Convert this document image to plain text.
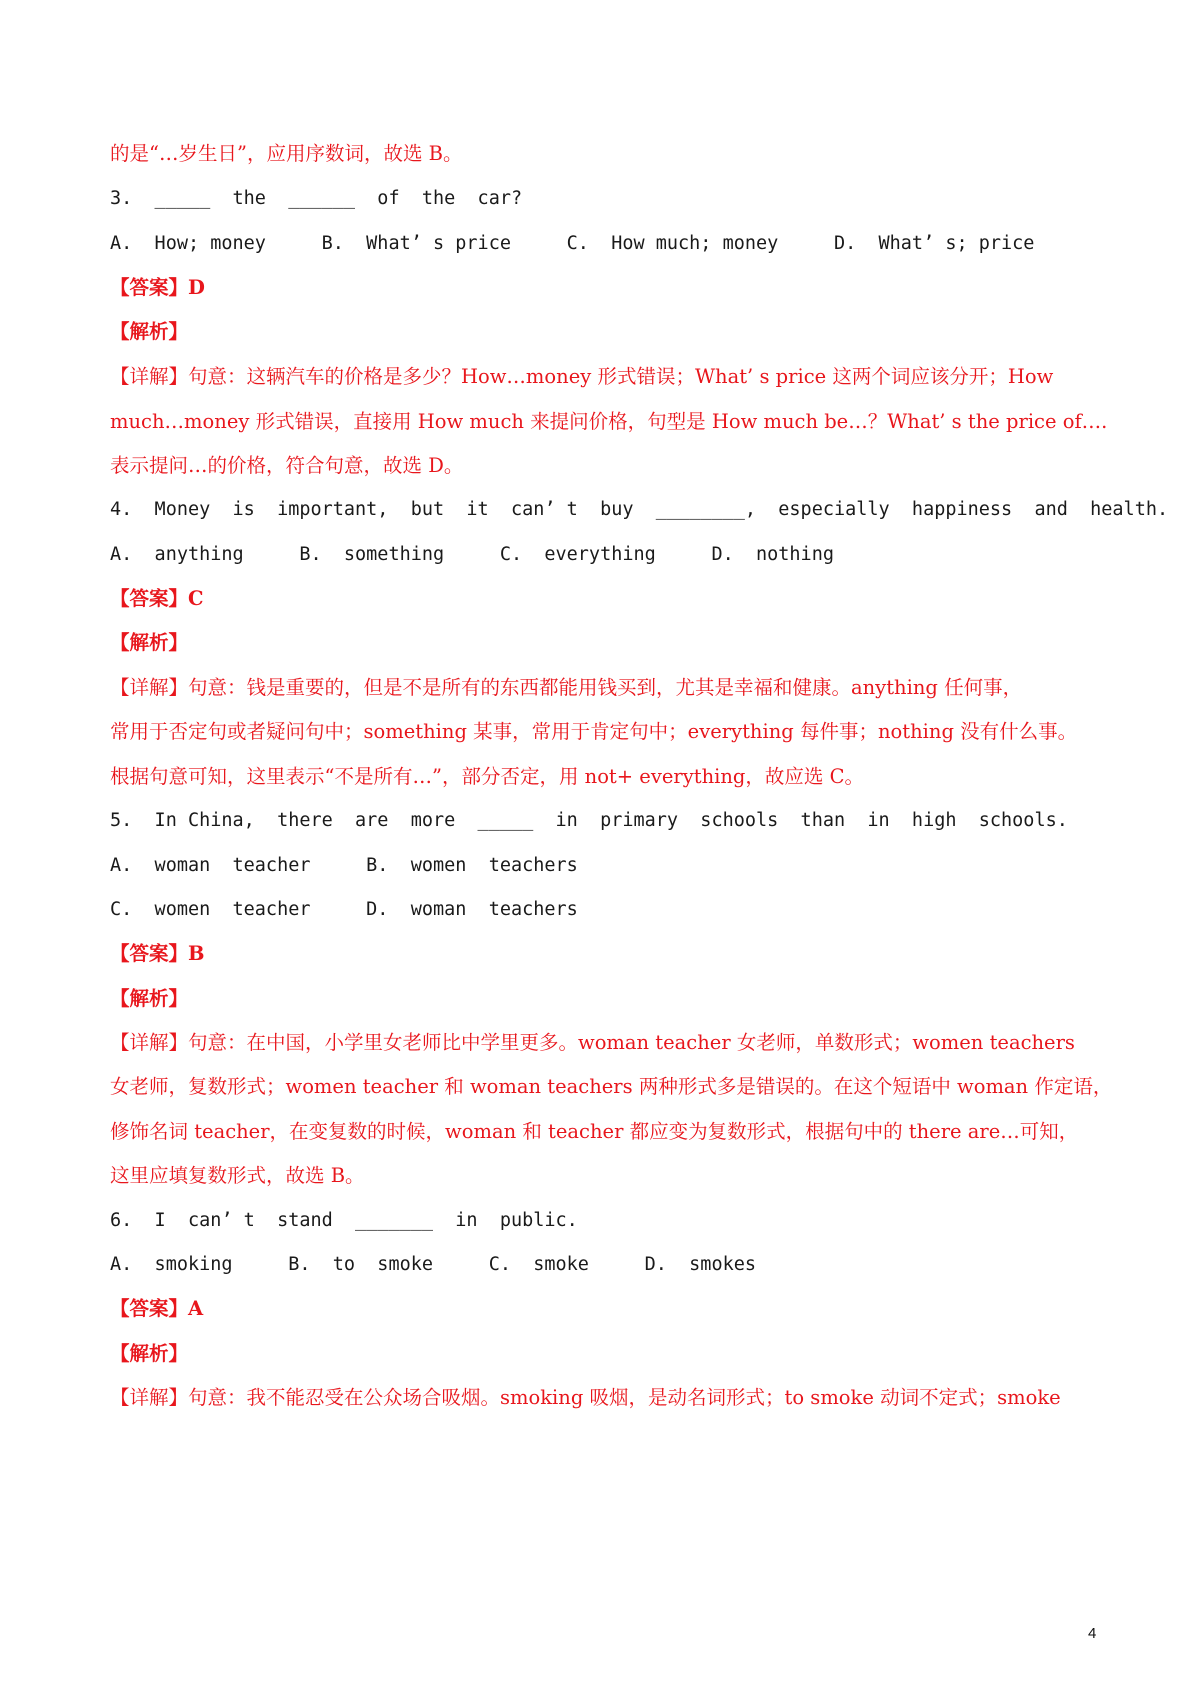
的是“…岁生日”，应用序数词，故选 B。
3.  _____  the  ______  of  the  car?
A.  How; money     B.  What’ s price     C.  How much; money     D.  What’ s; price
【答案】D
【解析】
【详解】句意：这辆汽车的价格是多少？How…money 形式错误；What’ s price 这两个词应该分开；How
much…money 形式错误，直接用 How much 来提问价格，句型是 How much be…？What’ s the price of….
表示提问…的价格，符合句意，故选 D。
4.  Money  is  important,  but  it  can’ t  buy  ________,  especially  happiness  and  health.
A.  anything     B.  something     C.  everything     D.  nothing
【答案】C
【解析】
【详解】句意：钱是重要的，但是不是所有的东西都能用钱买到，尤其是幸福和健康。anything 任何事，
常用于否定句或者疑问句中；something 某事，常用于肯定句中；everything 每件事；nothing 没有什么事。
根据句意可知，这里表示“不是所有…”，部分否定，用 not+ everything，故应选 C。
5.  In China,  there  are  more  _____  in  primary  schools  than  in  high  schools.
A.  woman  teacher     B.  women  teachers
C.  women  teacher     D.  woman  teachers
【答案】B
【解析】
【详解】句意：在中国，小学里女老师比中学里更多。woman teacher 女老师，单数形式；women teachers
女老师，复数形式；women teacher 和 woman teachers 两种形式多是错误的。在这个短语中 woman 作定语，
修饰名词 teacher，在变复数的时候，woman 和 teacher 都应变为复数形式，根据句中的 there are…可知，
这里应填复数形式，故选 B。
6.  I  can’ t  stand  _______  in  public.
A.  smoking     B.  to  smoke     C.  smoke     D.  smokes
【答案】A
【解析】
【详解】句意：我不能忍受在公众场合吸烟。smoking 吸烟，是动名词形式；to smoke 动词不定式；smoke
4
